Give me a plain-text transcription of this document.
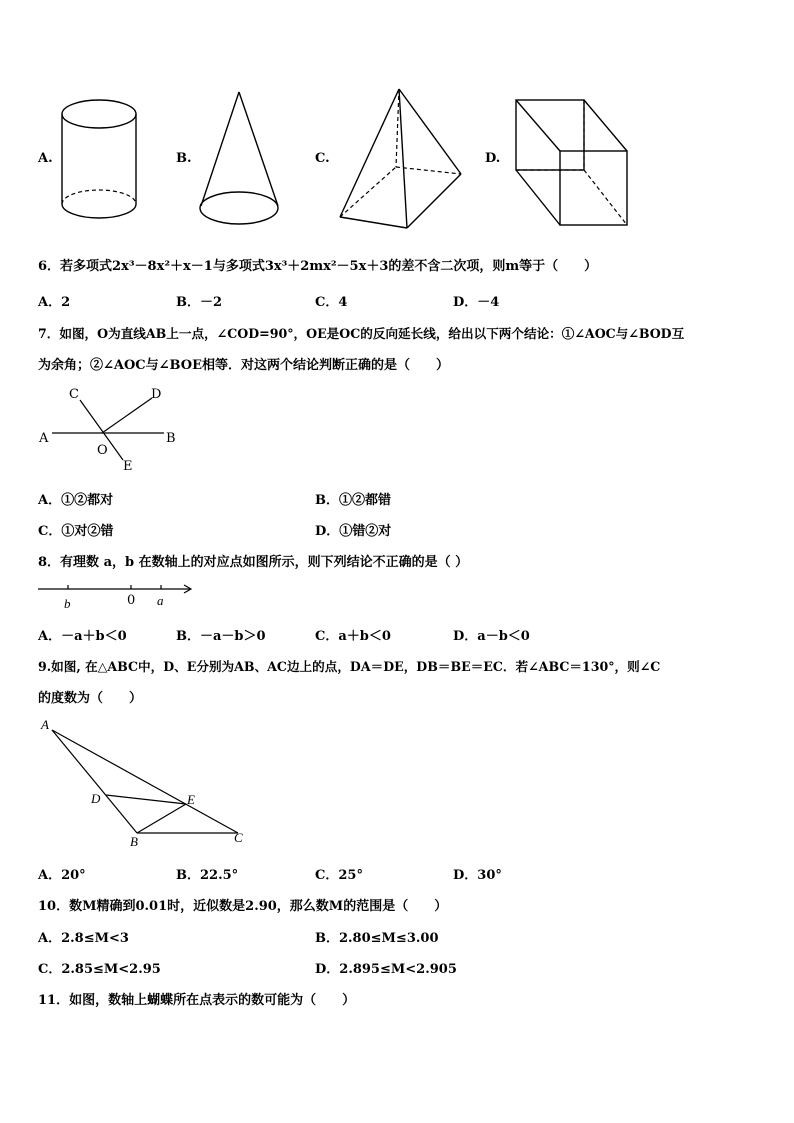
A.	B.	C.	D.
6．若多项式2x³－8x²＋x－1与多项式3x³＋2mx²－5x＋3的差不含二次项，则m等于（　　）
A．2	B．－2	C．4	D．－4
7．如图，O为直线AB上一点，∠COD=90°，OE是OC的反向延长线，给出以下两个结论：①∠AOC与∠BOD互
为余角；②∠AOC与∠BOE相等．对这两个结论判断正确的是（　　）
C	D
A	B
O
E
A．①②都对	B．①②都错
C．①对②错	D．①错②对
8．有理数 a，b 在数轴上的对应点如图所示，则下列结论不正确的是（ ）
b	0 a
A．－a＋b＜0	B．－a－b＞0	C．a＋b＜0	D．a－b＜0
9.如图, 在△ABC中，D、E分别为AB、AC边上的点，DA＝DE，DB＝BE＝EC．若∠ABC＝130°，则∠C
的度数为（　　）
A
D	E
B	C
A．20°	B．22.5°	C．25°	D．30°
10．数M精确到0.01时，近似数是2.90，那么数M的范围是（　　）
A．2.8≤M<3	B．2.80≤M≤3.00
C．2.85≤M<2.95	D．2.895≤M<2.905
11．如图，数轴上蝴蝶所在点表示的数可能为（　　）
